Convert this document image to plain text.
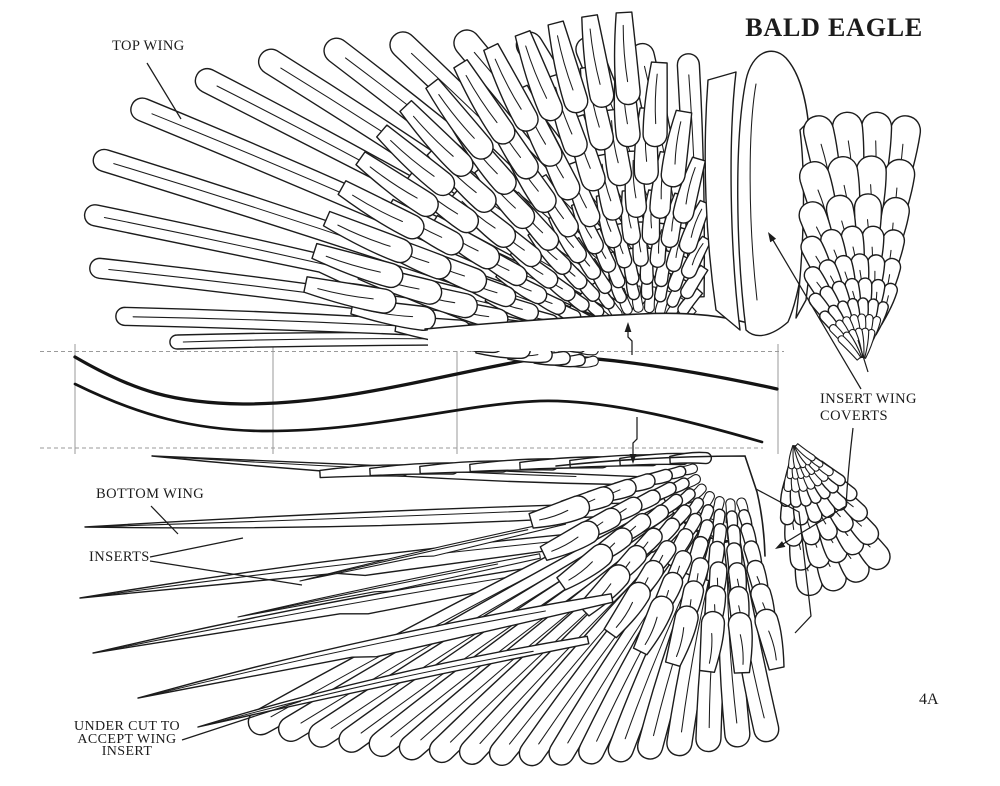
BALD EAGLE
TOP WING
INSERT WING
COVERTS
BOTTOM WING
INSERTS
UNDER CUT TO
ACCEPT WING
INSERT
4A
